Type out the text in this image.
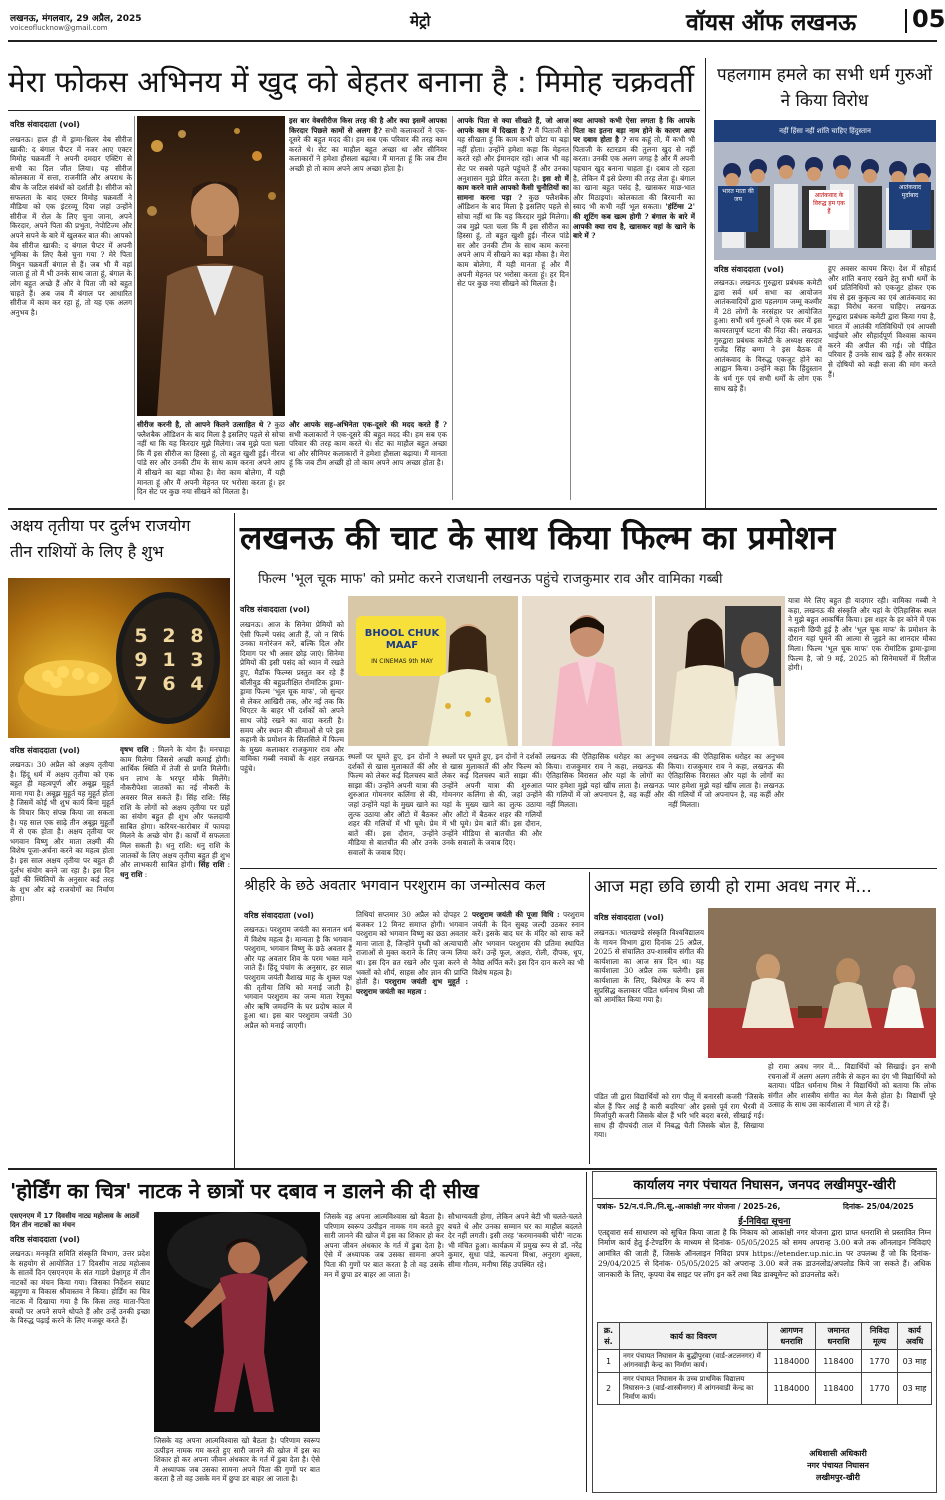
लखनऊ, मंगलवार, 29 अप्रैल, 2025
voiceoflucknow@gmail.com	मेट्रो	वॉयस ऑफ लखनऊ 05
मेरा फोकस अभिनय में खुद को बेहतर बनाना है : मिमोह चक्रवर्ती
वरिष्ठ संवाददाता (vol)
लखनऊ। हाल ही में ड्रामा-थ्रिलर वेब सीरीज खाकी: द बंगाल चैप्टर में नजर आए एक्टर मिमोह चक्रवर्ती ने अपनी दमदार एक्टिंग से सभी का दिल जीत लिया। यह सीरीज कोलकाता में सत्ता, राजनीति और अपराध के बीच के जटिल संबंधों को दर्शाती है। सीरीज को सफलता के बाद एक्टर मिमोह चक्रवर्ती ने मीडिया को एक इंटरव्यू दिया जहां उन्होंने सीरीज में रोल के लिए चुना जाना, अपने किरदार, अपने पिता की प्रभुता, नेपोटिज्म और अपने सपने के बारे में खुलकर बात की। आपको वेब सीरीज खाकी: द बंगाल चैप्टर में अपनी भूमिका के लिए कैसे चुना गया ? मेरे पिता मिथुन चक्रवर्ती बंगाल से हैं। जब भी मैं वहां जाता हूं तो मैं भी उनके साथ जाता हूं, बंगाल के लोग बहुत अच्छे हैं और वे पिता जी को बहुत चाहते हैं। अब जब मैं बंगाल पर आधारित सीरीज में काम कर रहा हूं, तो यह एक अलग अनुभव है।
सीरीज करनी है, तो आपने कितने उत्साहित थे ? कुछ फ्लैशबैक ऑडिशन के बाद मिला है इसलिए पहले से सोचा नहीं था कि यह किरदार मुझे मिलेगा। जब मुझे पता चला कि मैं इस सीरीज का हिस्सा हूं, तो बहुत खुशी हुई। नीरज पांडे सर और उनकी टीम के साथ काम करना अपने आप में सीखने का बड़ा मौका है। मेरा काम बोलेगा, मैं यही मानता हूं और मैं अपनी मेहनत पर भरोसा करता हूं। हर दिन सेट पर कुछ नया सीखने को मिलता है।
और आपके सह-अभिनेता एक-दूसरे की मदद करते हैं ? सभी कलाकारों ने एक-दूसरे की बहुत मदद की। हम सब एक परिवार की तरह काम करते थे। सेट का माहौल बहुत अच्छा था और सीनियर कलाकारों ने हमेशा हौसला बढ़ाया। मैं मानता हूं कि जब टीम अच्छी हो तो काम अपने आप अच्छा होता है।
इस बार वेबसीरीज किस तरह की है और क्या इसमें आपका किरदार पिछले कामों से अलग है? सभी कलाकारों ने एक-दूसरे की बहुत मदद की। हम सब एक परिवार की तरह काम करते थे। सेट का माहौल बहुत अच्छा था और सीनियर कलाकारों ने हमेशा हौसला बढ़ाया। मैं मानता हूं कि जब टीम अच्छी हो तो काम अपने आप अच्छा होता है।
आपके पिता से क्या सीखते हैं, जो आज आपके काम में दिखता है ? मैं पिताजी से यह सीखता हूं कि काम कभी छोटा या बड़ा नहीं होता। उन्होंने हमेशा कहा कि मेहनत करते रहो और ईमानदार रहो। आज भी वह सेट पर सबसे पहले पहुंचते हैं और उनका अनुशासन मुझे प्रेरित करता है। इस शो में काम करने वाले आपको कैसी चुनौतियों का सामना करना पड़ा ? कुछ फ्लैशबैक ऑडिशन के बाद मिला है इसलिए पहले से सोचा नहीं था कि यह किरदार मुझे मिलेगा। जब मुझे पता चला कि मैं इस सीरीज का हिस्सा हूं, तो बहुत खुशी हुई। नीरज पांडे सर और उनकी टीम के साथ काम करना अपने आप में सीखने का बड़ा मौका है। मेरा काम बोलेगा, मैं यही मानता हूं और मैं अपनी मेहनत पर भरोसा करता हूं। हर दिन सेट पर कुछ नया सीखने को मिलता है।
क्या आपको कभी ऐसा लगता है कि आपके पिता का इतना बड़ा नाम होने के कारण आप पर दबाव होता है ? सच कहूं तो, मैं कभी भी पिताजी के स्टारडम की तुलना खुद से नहीं करता। उनकी एक अलग जगह है और मैं अपनी पहचान खुद बनाना चाहता हूं। दबाव तो रहता है, लेकिन मैं इसे प्रेरणा की तरह लेता हूं। बंगाल का खाना बहुत पसंद है, खासकर माछ-भात और मिठाइयां। कोलकाता की बिरयानी का स्वाद भी कभी नहीं भूल सकता। 'हंटिंग्स 2' की शूटिंग कब खत्म होगी ? बंगाल के बारे में आपकी क्या राय है, खासकर वहां के खाने के बारे में ?
पहलगाम हमले का सभी धर्म गुरुओं ने किया विरोध
नहीं हिंसा नहीं शांति चाहिए हिंदुस्तान
भारत माता की जय
आतंकवाद के विरुद्ध हम एक हैं
आतंकवाद मुर्दाबाद
वरिष्ठ संवाददाता (vol)
लखनऊ। लखनऊ गुरुद्वारा प्रबंधक कमेटी द्वारा सर्व धर्म सभा का आयोजन आतंकवादियों द्वारा पहलगाम जम्मू कश्मीर में 28 लोगों के नरसंहार पर आयोजित हुआ। सभी धर्म गुरुओं ने एक स्वर में इस कायरतापूर्ण घटना की निंदा की। लखनऊ गुरुद्वारा प्रबंधक कमेटी के अध्यक्ष सरदार राजेंद्र सिंह बग्गा ने इस बैठक में आतंकवाद के विरुद्ध एकजुट होने का आह्वान किया। उन्होंने कहा कि हिंदुस्तान के धर्म गुरु एवं सभी धर्मों के लोग एक साथ खड़े हैं।
हुए अवसर कायम किए। देश में सौहार्द और शांति बनाए रखने हेतु सभी धर्मों के धर्म प्रतिनिधियों को एकजुट होकर एक मंच से इस कुकृत्य का एवं आतंकवाद का कड़ा विरोध करना चाहिए। लखनऊ गुरुद्वारा प्रबंधक कमेटी द्वारा किया गया है, भारत में आतंकी गतिविधियों एवं आपसी भाईचारे और सौहार्दपूर्ण विश्वास कायम करने की अपील की गई। जो पीड़ित परिवार हैं उनके साथ खड़े हैं और सरकार से दोषियों को कड़ी सजा की मांग करते हैं।
अक्षय तृतीया पर दुर्लभ राजयोग
तीन राशियों के लिए है शुभ
5 2 8
9 1 3
7 6 4
वरिष्ठ संवाददाता (vol)
लखनऊ। 30 अप्रैल को अक्षय तृतीया है। हिंदू धर्म में अक्षय तृतीया को एक बहुत ही महत्वपूर्ण और अबूझ मुहूर्त माना गया है। अबूझ मुहूर्त यह मुहूर्त होता है जिसमें कोई भी शुभ कार्य बिना मुहूर्त के विचार किए संपन्न किया जा सकता है। यह साल एक साढ़े तीन अबूझ मुहूर्तों में से एक होता है। अक्षय तृतीया पर भगवान विष्णु और माता लक्ष्मी की विशेष पूजा-अर्चना करने का महत्व होता है। इस साल अक्षय तृतीया पर बहुत ही दुर्लभ संयोग बनने जा रहा है। इस दिन ग्रहों की स्थितियों के अनुसार कई तरह के शुभ और बड़े राजयोगों का निर्माण होगा।
वृषभ राशि : मिलने के योग हैं। मनचाहा काम मिलेगा जिससे अच्छी कमाई होगी। आर्थिक स्थिति में तेजी से प्रगति मिलेगी। धन लाभ के भरपूर मौके मिलेंगे। नौकरीपेशा जातकों का नई नौकरी के अवसर मिल सकते हैं। सिंह राशि: सिंह राशि के लोगों को अक्षय तृतीया पर ग्रहों का संयोग बहुत ही शुभ और फलदायी साबित होगा। करियर-कारोबार में फायदा मिलने के अच्छे योग हैं। कार्यों में सफलता मिल सकती है। धनु राशि: धनु राशि के जातकों के लिए अक्षय तृतीया बहुत ही शुभ और लाभकारी साबित होगी। सिंह राशि : धनु राशि :
लखनऊ की चाट के साथ किया फिल्म का प्रमोशन
फिल्म 'भूल चूक माफ' को प्रमोट करने राजधानी लखनऊ पहुंचे राजकुमार राव और वामिका गब्बी
वरिष्ठ संवाददाता (vol)
BHOOL CHUK MAAF
IN CINEMAS 9th MAY
यात्रा मेरे लिए बहुत ही यादगार रही। वामिका गब्बी ने कहा, लखनऊ की संस्कृति और यहां के ऐतिहासिक स्थल ने मुझे बहुत आकर्षित किया। इस शहर के हर कोने में एक कहानी छिपी हुई है और 'भूल चूक माफ' के प्रमोशन के दौरान यहां घूमने की आत्मा से जुड़ने का शानदार मौका मिला। फिल्म 'भूल चूक माफ' एक रोमांटिक ड्रामा-ड्रामा फिल्म है, जो 9 मई, 2025 को सिनेमाघरों में रिलीज होगी।
लखनऊ। आज के सिनेमा प्रेमियों को ऐसी फिल्में पसंद आती हैं, जो न सिर्फ उनका मनोरंजन करें, बल्कि दिल और दिमाग पर भी असर छोड़ जाएं। सिनेमा प्रेमियों की इसी पसंद को ध्यान में रखते हुए, मैडॉक फिल्म्स प्रस्तुत कर रहे हैं बॉलीवुड की बहुप्रतीक्षित रोमांटिक ड्रामा-ड्रामा फिल्म 'भूल चूक माफ', जो सुन्दर से लेकर आखिरी तक, और नई तक कि थिएटर के बाहर भी दर्शकों को अपने साथ जोड़े रखने का वादा करती है। समय और स्थान की सीमाओं से परे इस कहानी के प्रमोशन के सिलसिले में फिल्म के मुख्य कलाकार राजकुमार राव और वामिका गब्बी नवाबों के शहर लखनऊ पहुंचे।
स्थलों पर घूमते हुए, इन दोनों ने दर्शकों से खास मुलाकातें कीं और फिल्म को लेकर कई दिलचस्प बातें साझा कीं। उन्होंने अपनी यात्रा की शुरुआत गोमनगर कलिंगा से की, जहां उन्होंने यहां के मुख्य खाने का लुत्फ उठाया और ऑटो में बैठकर शहर की गलियों में भी घूमे। प्रेम बातें कीं। इस दौरान, उन्होंने मीडिया से बातचीत की और उनके सवालों के जवाब दिए।
स्थलों पर घूमते हुए, इन दोनों ने दर्शकों से खास मुलाकातें कीं और फिल्म को लेकर कई दिलचस्प बातें साझा कीं। उन्होंने अपनी यात्रा की शुरुआत गोमनगर कलिंगा से की, जहां उन्होंने यहां के मुख्य खाने का लुत्फ उठाया और ऑटो में बैठकर शहर की गलियों में भी घूमे। प्रेम बातें कीं। इस दौरान, उन्होंने मीडिया से बातचीत की और उनके सवालों के जवाब दिए।
लखनऊ की ऐतिहासिक धरोहर का अनुभव किया। राजकुमार राव ने कहा, लखनऊ की ऐतिहासिक विरासत और यहां के लोगों का प्यार हमेशा मुझे यहां खींच लाता है। लखनऊ की गलियों में जो अपनापन है, वह कहीं और नहीं मिलता।
लखनऊ की ऐतिहासिक धरोहर का अनुभव किया। राजकुमार राव ने कहा, लखनऊ की ऐतिहासिक विरासत और यहां के लोगों का प्यार हमेशा मुझे यहां खींच लाता है। लखनऊ की गलियों में जो अपनापन है, वह कहीं और नहीं मिलता।
श्रीहरि के छठे अवतार भगवान परशुराम का जन्मोत्सव कल
वरिष्ठ संवाददाता (vol)
लखनऊ। परशुराम जयंती का सनातन धर्म में विशेष महत्व है। मान्यता है कि भगवान परशुराम, भगवान विष्णु के छठे अवतार हैं और यह अवतार शिव के परम भक्त माने जाते हैं। हिंदू पंचांग के अनुसार, हर साल परशुराम जयंती वैशाख माह के शुक्ल पक्ष की तृतीया तिथि को मनाई जाती है। भगवान परशुराम का जन्म माता रेणुका और ऋषि जमदग्नि के घर प्रदोष काल में हुआ था। इस बार परशुराम जयंती 30 अप्रैल को मनाई जाएगी।
तिथियां सप्तमार 30 अप्रैल को दोपहर 2 बजकर 12 मिनट समाप्त होगी। भगवान परशुराम को भगवान विष्णु का छठा अवतार माना जाता है, जिन्होंने पृथ्वी को अत्याचारी राजाओं से मुक्त कराने के लिए जन्म लिया था। इस दिन व्रत रखने और पूजा करने से भक्तों को शौर्य, साहस और ज्ञान की प्राप्ति होती है। परशुराम जयंती शुभ मुहूर्त : परशुराम जयंती का महत्व :
परशुराम जयंती की पूजा विधि : परशुराम जयंती के दिन सुबह जल्दी उठकर स्नान करें। इसके बाद घर के मंदिर को साफ करें और भगवान परशुराम की प्रतिमा स्थापित करें। उन्हें फूल, अक्षत, रोली, दीपक, धूप, नैवेद्य अर्पित करें। इस दिन दान करने का भी विशेष महत्व है।
आज महा छवि छायी हो रामा अवध नगर में...
वरिष्ठ संवाददाता (vol)
लखनऊ। भातखण्डे संस्कृति विश्वविद्यालय के गायन विभाग द्वारा दिनांक 25 अप्रैल, 2025 से संचालित उप-शास्त्रीय संगीत की कार्यशाला का आज सत्र दिन था। यह कार्यशाला 30 अप्रैल तक चलेगी। इस कार्यशाला के लिए, बिशेषज्ञ के रूप में सुप्रसिद्ध कलाकार पंडित धर्मनाथ मिश्रा जी को आमंत्रित किया गया है।
पंडित जी द्वारा विद्यार्थियों को राग पीलू में बनारसी कजरी 'जिसके बोल हैं फिर आई है कारी बदरिया' और इससे पूर्व राग भैरवी में मिर्जापुरी कजरी जिसके बोल हैं भरि भरि बदरा बरसे, सीखाई गई। साथ ही दीपचंदी ताल में निबद्ध चैती जिसके बोल हैं, सिखाया गया।
हो रामा अवध नगर में... विद्यार्थियों को सिखाई। इन सभी रचनाओं में अलग अलग तरीके से कहन का दंग भी विद्यार्थियों को बताया। पंडित धर्मनाथ मिश्र ने विद्यार्थियों को बताया कि लोक संगीत और शास्त्रीय संगीत का मेल कैसे होता है। विद्यार्थी पूरे उत्साह के साथ उस कार्यशाला में भाग ले रहे हैं।
'होर्डिंग का चित्र' नाटक ने छात्रों पर दबाव न डालने की दी सीख
एसएनएम में 17 दिवसीय नाट्य महोत्सव के आठवें दिन तीन नाटकों का मंचन
वरिष्ठ संवाददाता (vol)
लखनऊ। मनकृति समिति संस्कृति विभाग, उत्तर प्रदेश के सहयोग से आयोजित 17 दिवसीय नाट्य महोत्सव के सातवें दिन एसएनएम के संत गाडगे प्रेक्षागृह में तीन नाटकों का मंचन किया गया। जिसका निर्देशन सम्राट बहुगुणा व विकास श्रीवास्तव ने किया। होर्डिंग का चित्र नाटक में दिखाया गया है कि किस तरह माता-पिता बच्चों पर अपने सपने थोपते हैं और उन्हें उनकी इच्छा के विरुद्ध पढ़ाई करने के लिए मजबूर करते हैं।
जिसके वह अपना आत्मविश्वास खो बैठता है। परिणाम स्वरूप उत्पीड़न नामक गम करते हुए सारी जानने की खोज में इस का शिकार हो कर अपना जीवन अंधकार के गर्त में डुबा देता है। ऐसे में अध्यापक जब उसका सामना अपने पिता की गुणों पर बात करता है तो वह उसके मन में छुपा डर बाहर आ जाता है।
जिसके वह अपना आत्मविश्वास खो बैठता है। परिणाम स्वरूप उत्पीड़न नामक गम करते हुए सारी जानने की खोज में इस का शिकार हो कर अपना जीवन अंधकार के गर्त में डुबा देता है। ऐसे में अध्यापक जब उसका सामना अपने पिता की गुणों पर बात करता है तो वह उसके मन में छुपा डर बाहर आ जाता है।
सौभाग्यवती होगा, लेकिन अपने बेटी भी चलते-चलते बचते थे और उनका सम्मान घर का माहौल बदलते देर नहीं लगती। इसी तरह 'करमानवकी चोरी' नाटक भी मंचित हुआ। कार्यक्रम में प्रमुख रूप से डॉ. नरेंद्र कुमार, सुधा पांडे, कल्पना मिश्रा, अनुराग शुक्ला, सीमा गौतम, मनीषा सिंह उपस्थित रहे।
कार्यालय नगर पंचायत निघासन, जनपद लखीमपुर-खीरी
पत्रांक- 52/न.पं.नि./नि.सू.-आकांक्षी नगर योजना / 2025-26,	दिनांक- 25/04/2025
ई-निविदा सूचना
एतद्द्वारा सर्व साधारण को सूचित किया जाता है कि निकाय को आकांक्षी नगर योजना द्वारा प्राप्त धनराशि से प्रस्तावित निम्न निर्माण कार्य हेतु ई-टेण्डरिंग के माध्यम से दिनांक- 05/05/2025 को समय अपरान्ह 3.00 बजे तक ऑनलाइन निविदाएं आमंत्रित की जाती हैं, जिसके ऑनलाइन निविदा प्रपत्र https://etender.up.nic.in पर उपलब्ध हैं जो कि दिनांक- 29/04/2025 से दिनांक- 05/05/2025 को अपरान्ह 3.00 बजे तक डाउनलोड/अपलोड किये जा सकते हैं। अधिक जानकारी के लिए, कृपया वेब साइट पर लॉग इन करें तथा बिड डाक्यूमेन्ट को डाउनलोड करें।
क्र. सं.	कार्य का विवरण	आगणन धनराशि	जमानत धनराशि	निविदा मूल्य	कार्य अवधि
1	नगर पंचायत निघासन के बुद्धीपुरवा (वार्ड-अटलनगर) में आंगनवाड़ी केन्द्र का निर्माण कार्य।	1184000	118400	1770	03 माह
2	नगर पंचायत निघासन के उच्च प्राथमिक विद्यालय निघासन-3 (वार्ड-शास्त्रीनगर) में आंगनवाडी केन्द्र का निर्माण कार्य।	1184000	118400	1770	03 माह
अधिशासी अधिकारी
नगर पंचायत निघासन
लखीमपुर-खीरी
